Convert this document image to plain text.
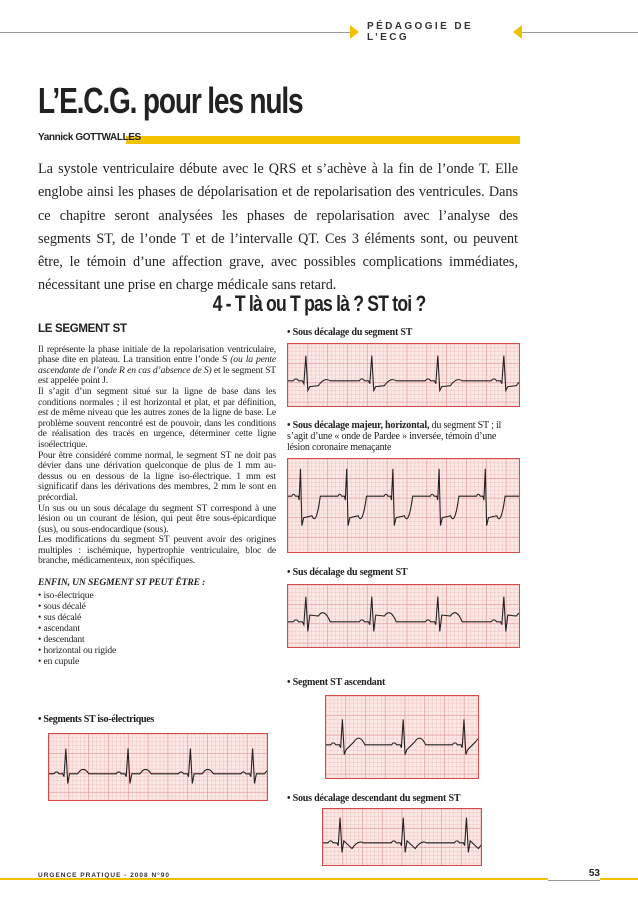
PÉDAGOGIE DE L’ECG
L’E.C.G. pour les nuls
Yannick GOTTWALLES

La systole ventriculaire débute avec le QRS et s’achève à la fin de l’onde T. Elle englobe ainsi les phases de dépolarisation et de repolarisation des ventricules. Dans ce chapitre seront analysées les phases de repolarisation avec l’analyse des segments ST, de l’onde T et de l’intervalle QT. Ces 3 éléments sont, ou peuvent être, le témoin d’une affection grave, avec possibles complications immédiates, nécessitant une prise en charge médicale sans retard.

4 - T là ou T pas là ? ST toi ?
LE SEGMENT ST

Il représente la phase initiale de la repolarisation ventriculaire, phase dite en plateau. La transition entre l’onde S (ou la pente ascendante de l’onde R en cas d’absence de S) et le segment ST est appelée point J.

Il s’agit d’un segment situé sur la ligne de base dans les conditions normales ; il est horizontal et plat, et par définition, est de même niveau que les autres zones de la ligne de base. Le problème souvent rencontré est de pouvoir, dans les conditions de réalisation des tracés en urgence, déterminer cette ligne isoélectrique.

Pour être considéré comme normal, le segment ST ne doit pas dévier dans une dérivation quelconque de plus de 1 mm au-dessus ou en dessous de la ligne iso-électrique. 1 mm est significatif dans les dérivations des membres, 2 mm le sont en précordial.

Un sus ou un sous décalage du segment ST correspond à une lésion ou un courant de lésion, qui peut être sous-épicardique (sus), ou sous-endocardique (sous).

Les modifications du segment ST peuvent avoir des origines multiples : ischémique, hypertrophie ventriculaire, bloc de branche, médicamenteux, non spécifiques.

ENFIN, UN SEGMENT ST PEUT ÊTRE :

• iso-électrique
• sous décalé
• sus décalé
• ascendant
• descendant
• horizontal ou rigide
• en cupule
• Segments ST iso-électriques
• Sous décalage du segment ST
• Sous décalage majeur, horizontal, du segment ST ; il s’agit d’une « onde de Pardee » inversée, témoin d’une lésion coronaire menaçante
• Sus décalage du segment ST
• Segment ST ascendant
• Sous décalage descendant du segment ST
URGENCE PRATIQUE - 2008 N°90	53
